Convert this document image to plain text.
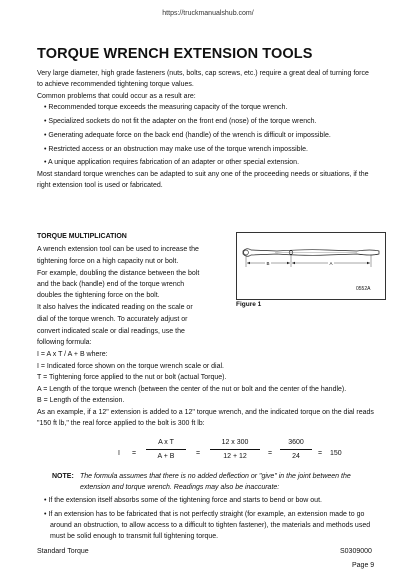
https://truckmanualshub.com/
TORQUE WRENCH EXTENSION TOOLS
Very large diameter, high grade fasteners (nuts, bolts, cap screws, etc.) require a great deal of turning force
to achieve recommended tightening torque values.
Common problems that could occur as a result are:
• Recommended torque exceeds the measuring capacity of the torque wrench.
• Specialized sockets do not fit the adapter on the front end (nose) of the torque wrench.
• Generating adequate force on the back end (handle) of the wrench is difficult or impossible.
• Restricted access or an obstruction may make use of the torque wrench impossible.
• A unique application requires fabrication of an adapter or other special extension.
Most standard torque wrenches can be adapted to suit any one of the proceeding needs or situations, if the
right extension tool is used or fabricated.
TORQUE MULTIPLICATION
A wrench extension tool can be used to increase the
tightening force on a high capacity nut or bolt.
For example, doubling the distance between the bolt
and the back (handle) end of the torque wrench
doubles the tightening force on the bolt.
It also halves the indicated reading on the scale or
dial of the torque wrench. To accurately adjust or
convert indicated scale or dial readings, use the
following formula:
B	A
0552A
Figure 1
I = A x T / A + B where:
I = Indicated force shown on the torque wrench scale or dial.
T = Tightening force applied to the nut or bolt (actual Torque).
A = Length of the torque wrench (between the center of the nut or bolt and the center of the handle).
B = Length of the extension.
As an example, if a 12" extension is added to a 12" torque wrench, and the indicated torque on the dial reads
"150 ft lb," the real force applied to the bolt is 300 ft lb:
I =
A x T
A + B	=
12 x 300
12 + 12	=
3600
24	= 150
NOTE: The formula assumes that there is no added deflection or "give" in the joint between the
extension and torque wrench. Readings may also be inaccurate:
• If the extension itself absorbs some of the tightening force and starts to bend or bow out.
• If an extension has to be fabricated that is not perfectly straight (for example, an extension made to go
around an obstruction, to allow access to a difficult to tighten fastener), the materials and methods used
must be solid enough to transmit full tightening torque.
Standard Torque	S0309000
Page 9
